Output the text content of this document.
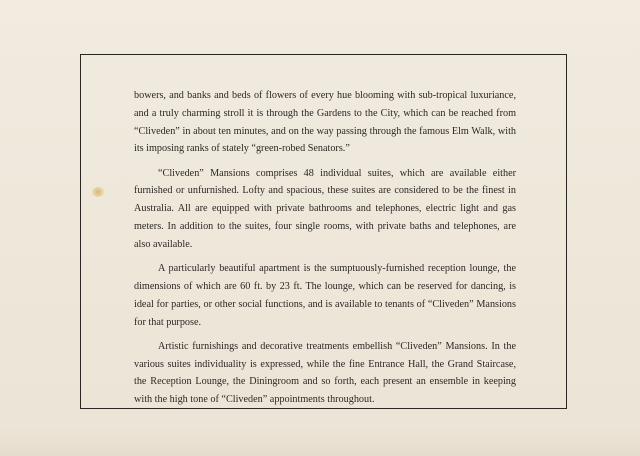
bowers, and banks and beds of flowers of every hue blooming with sub-tropical luxuriance, and a truly charming stroll it is through the Gardens to the City, which can be reached from “Cliveden” in about ten minutes, and on the way passing through the famous Elm Walk, with its imposing ranks of stately “green-robed Senators.”

“Cliveden” Mansions comprises 48 individual suites, which are available either furnished or unfurnished. Lofty and spacious, these suites are considered to be the finest in Australia. All are equipped with private bathrooms and telephones, electric light and gas meters. In addition to the suites, four single rooms, with private baths and telephones, are also available.

A particularly beautiful apartment is the sumptuously-furnished reception lounge, the dimensions of which are 60 ft. by 23 ft. The lounge, which can be reserved for dancing, is ideal for parties, or other social functions, and is available to tenants of “Cliveden” Mansions for that purpose.

Artistic furnishings and decorative treatments embellish “Cliveden” Mansions. In the various suites individuality is expressed, while the fine Entrance Hall, the Grand Staircase, the Reception Lounge, the Diningroom and so forth, each present an ensemble in keeping with the high tone of “Cliveden” appointments throughout.
